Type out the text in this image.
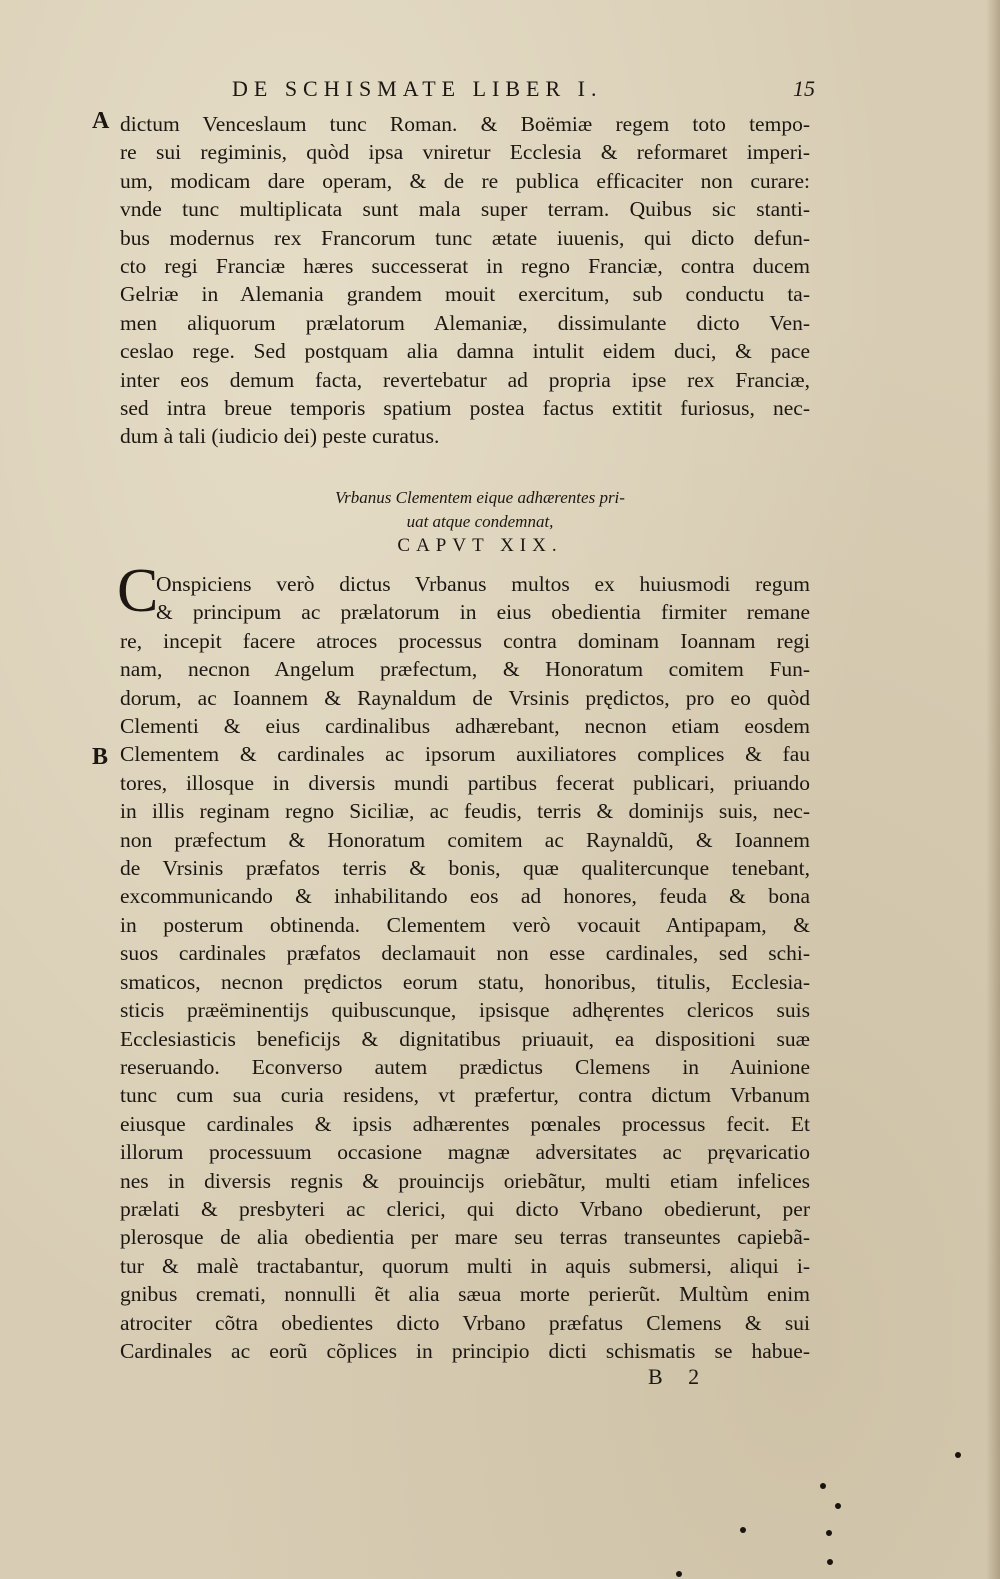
DE SCHISMATE LIBER I.	15
A dictum Venceslaum tunc Roman. & Boëmiæ regem toto tempo-
re sui regiminis, quòd ipsa vniretur Ecclesia & reformaret imperi-
um, modicam dare operam, & de re publica efficaciter non curare:
vnde tunc multiplicata sunt mala super terram. Quibus sic stanti-
bus modernus rex Francorum tunc ætate iuuenis, qui dicto defun-
cto regi Franciæ hæres successerat in regno Franciæ, contra ducem
Gelriæ in Alemania grandem mouit exercitum, sub conductu ta-
men aliquorum prælatorum Alemaniæ, dissimulante dicto Ven-
ceslao rege. Sed postquam alia damna intulit eidem duci, & pace
inter eos demum facta, revertebatur ad propria ipse rex Franciæ,
sed intra breue temporis spatium postea factus extitit furiosus, nec-
dum à tali (iudicio dei) peste curatus.
Vrbanus Clementem eique adhærentes pri-
uat atque condemnat,
CAPVT XIX.
C
Onspiciens verò dictus Vrbanus multos ex huiusmodi regum
& principum ac prælatorum in eius obedientia firmiter remane
re, incepit facere atroces processus contra dominam Ioannam regi
nam, necnon Angelum præfectum, & Honoratum comitem Fun-
dorum, ac Ioannem & Raynaldum de Vrsinis prędictos, pro eo quòd
Clementi & eius cardinalibus adhærebant, necnon etiam eosdem
Clementem & cardinales ac ipsorum auxiliatores complices & fau
tores, illosque in diversis mundi partibus fecerat publicari, priuando
in illis reginam regno Siciliæ, ac feudis, terris & dominijs suis, nec-
non præfectum & Honoratum comitem ac Raynaldũ, & Ioannem
de Vrsinis præfatos terris & bonis, quæ qualitercunque tenebant,
excommunicando & inhabilitando eos ad honores, feuda & bona
in posterum obtinenda. Clementem verò vocauit Antipapam, &
suos cardinales præfatos declamauit non esse cardinales, sed schi-
smaticos, necnon prędictos eorum statu, honoribus, titulis, Ecclesia-
sticis præëminentijs quibuscunque, ipsisque adhęrentes clericos suis
Ecclesiasticis beneficijs & dignitatibus priuauit, ea dispositioni suæ
reseruando. Econverso autem prædictus Clemens in Auinione
tunc cum sua curia residens, vt præfertur, contra dictum Vrbanum
eiusque cardinales & ipsis adhærentes pœnales processus fecit. Et
illorum processuum occasione magnæ adversitates ac pręvaricatio
nes in diversis regnis & prouincijs oriebãtur, multi etiam infelices
prælati & presbyteri ac clerici, qui dicto Vrbano obedierunt, per
plerosque de alia obedientia per mare seu terras transeuntes capiebã-
tur & malè tractabantur, quorum multi in aquis submersi, aliqui i-
gnibus cremati, nonnulli ẽt alia sæua morte perierũt. Multùm enim
atrociter cõtra obedientes dicto Vrbano præfatus Clemens & sui
Cardinales ac eorũ cõplices in principio dicti schismatis se habue-
B
B 2
